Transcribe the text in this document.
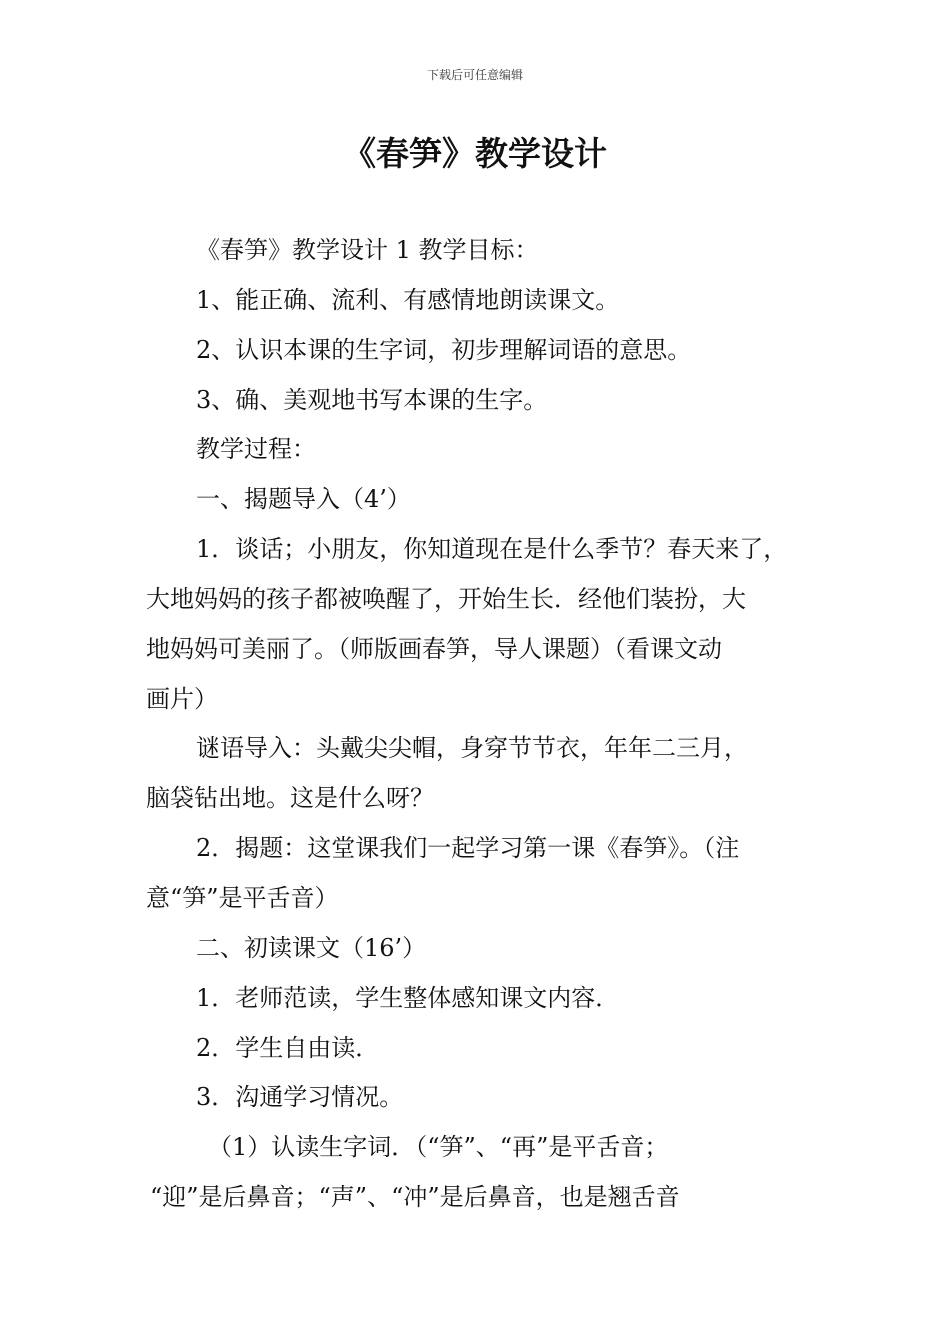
下载后可任意编辑
《春笋》教学设计

《春笋》教学设计 1 教学目标：

1、能正确、流利、有感情地朗读课文。

2、认识本课的生字词，初步理解词语的意思。

3、确、美观地书写本课的生字。

教学过程：

一、揭题导入（4’）

1．谈话；小朋友，你知道现在是什么季节？春天来了，

大地妈妈的孩子都被唤醒了，开始生长．经他们装扮，大

地妈妈可美丽了。（师版画春笋，导人课题）（看课文动

画片）

谜语导入：头戴尖尖帽，身穿节节衣，年年二三月，

脑袋钻出地。这是什么呀？

2．揭题：这堂课我们一起学习第一课《春笋》。（注

意“笋”是平舌音）

二、初读课文（16’）

1．老师范读，学生整体感知课文内容．

2．学生自由读．

3．沟通学习情况。

（1）认读生字词．（“笋”、“再”是平舌音；

“迎”是后鼻音；“声”、“冲”是后鼻音，也是翘舌音
